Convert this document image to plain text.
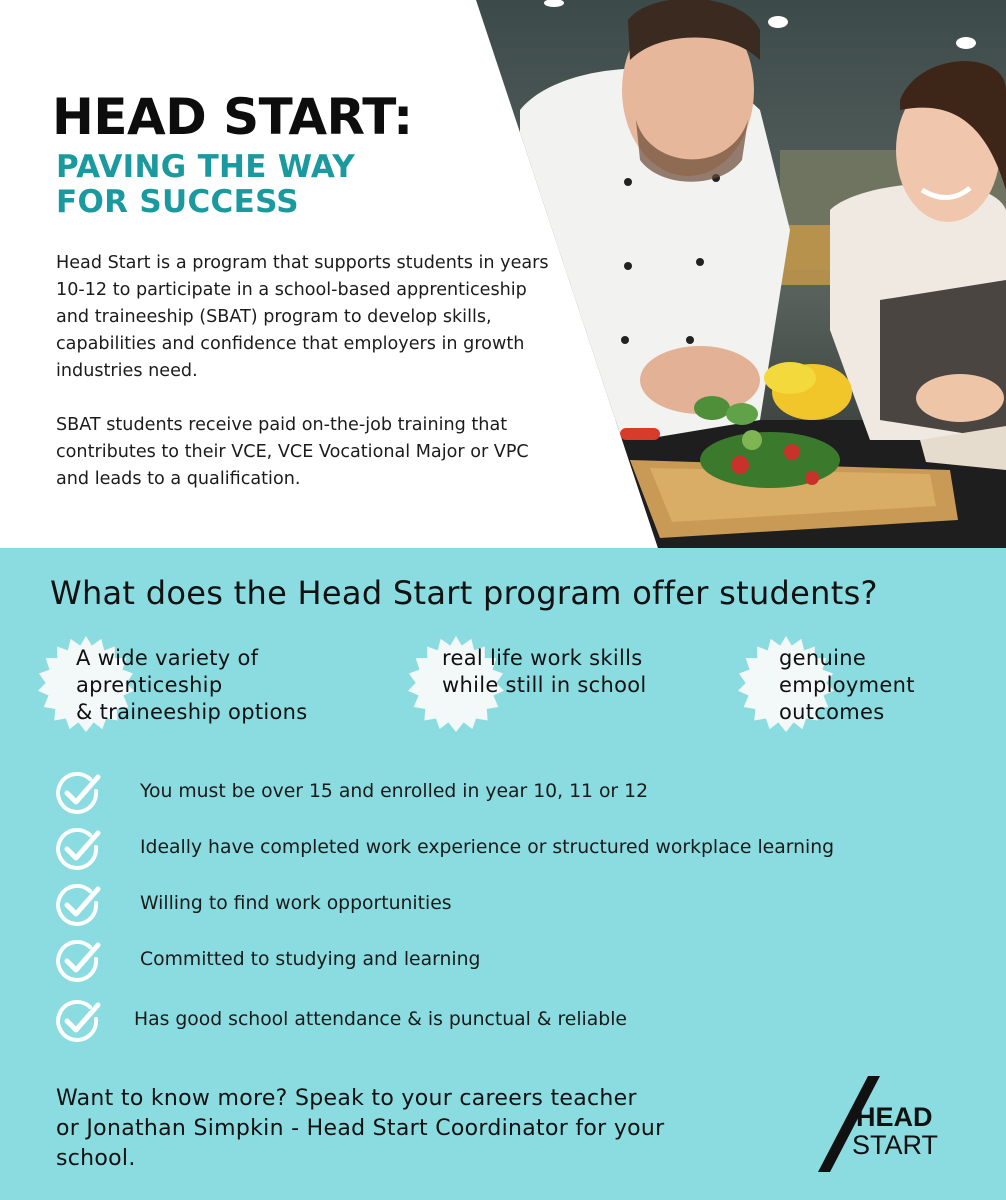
HEAD START:
PAVING THE WAY
FOR SUCCESS

Head Start is a program that supports students in years 10-12 to participate in a school-based apprenticeship and traineeship (SBAT) program to develop skills, capabilities and confidence that employers in growth industries need.

SBAT students receive paid on-the-job training that contributes to their VCE, VCE Vocational Major or VPC and leads to a qualification.

What does the Head Start program offer students?
A wide variety of
aprenticeship
& traineeship options
real life work skills
while still in school
genuine
employment
outcomes
You must be over 15 and enrolled in year 10, 11 or 12
Ideally have completed work experience or structured workplace learning
Willing to find work opportunities
Committed to studying and learning
Has good school attendance & is punctual & reliable
Want to know more? Speak to your careers teacher
or Jonathan Simpkin - Head Start Coordinator for your
school.
HEAD
START
